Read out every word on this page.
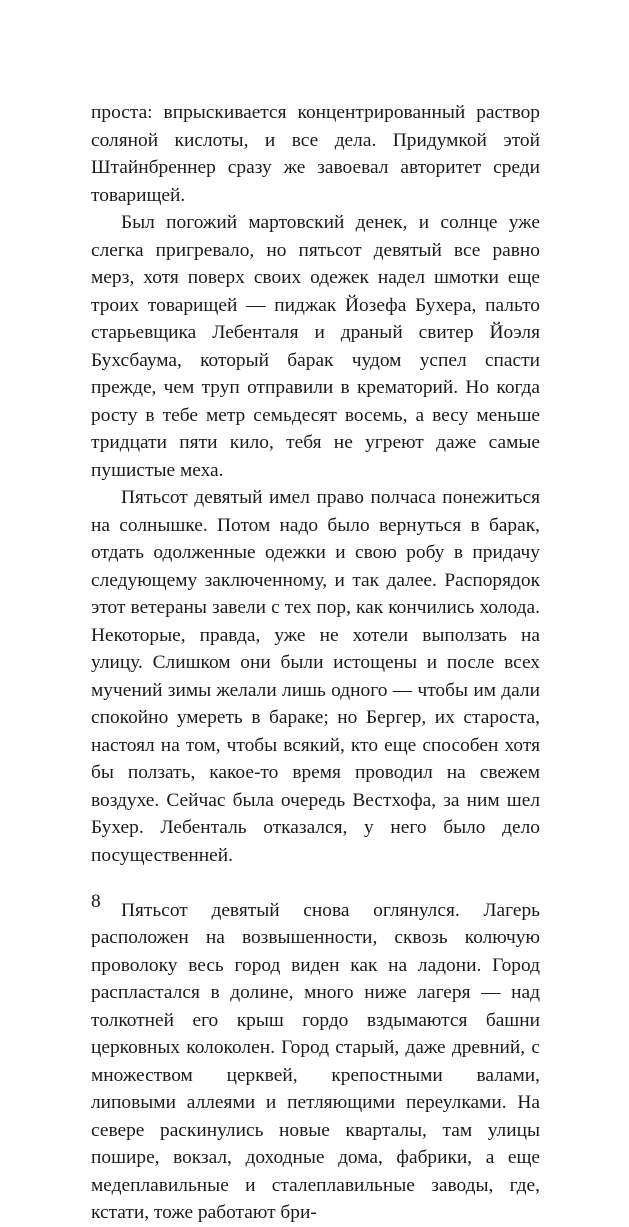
проста: впрыскивается концентрированный раствор соляной кислоты, и все дела. Придумкой этой Штайнбреннер сразу же завоевал авторитет среди товарищей.

Был погожий мартовский денек, и солнце уже слегка пригревало, но пятьсот девятый все равно мерз, хотя поверх своих одежек надел шмотки еще троих товарищей — пиджак Йозефа Бухера, пальто старьевщика Лебенталя и драный свитер Йоэля Бухсбаума, который барак чудом успел спасти прежде, чем труп отправили в крематорий. Но когда росту в тебе метр семьдесят восемь, а весу меньше тридцати пяти кило, тебя не угреют даже самые пушистые меха.

Пятьсот девятый имел право полчаса понежиться на солнышке. Потом надо было вернуться в барак, отдать одолженные одежки и свою робу в придачу следующему заключенному, и так далее. Распорядок этот ветераны завели с тех пор, как кончились холода. Некоторые, правда, уже не хотели выползать на улицу. Слишком они были истощены и после всех мучений зимы желали лишь одного — чтобы им дали спокойно умереть в бараке; но Бергер, их староста, настоял на том, чтобы всякий, кто еще способен хотя бы ползать, какое-то время проводил на свежем воздухе. Сейчас была очередь Вестхофа, за ним шел Бухер. Лебенталь отказался, у него было дело посущественней.

Пятьсот девятый снова оглянулся. Лагерь расположен на возвышенности, сквозь колючую проволоку весь город виден как на ладони. Город распластался в долине, много ниже лагеря — над толкотней его крыш гордо вздымаются башни церковных колоколен. Город старый, даже древний, с множеством церквей, крепостными валами, липовыми аллеями и петляющими переулками. На севере раскинулись новые кварталы, там улицы пошире, вокзал, доходные дома, фабрики, а еще медеплавильные и сталеплавильные заводы, где, кстати, тоже работают бри-

8
